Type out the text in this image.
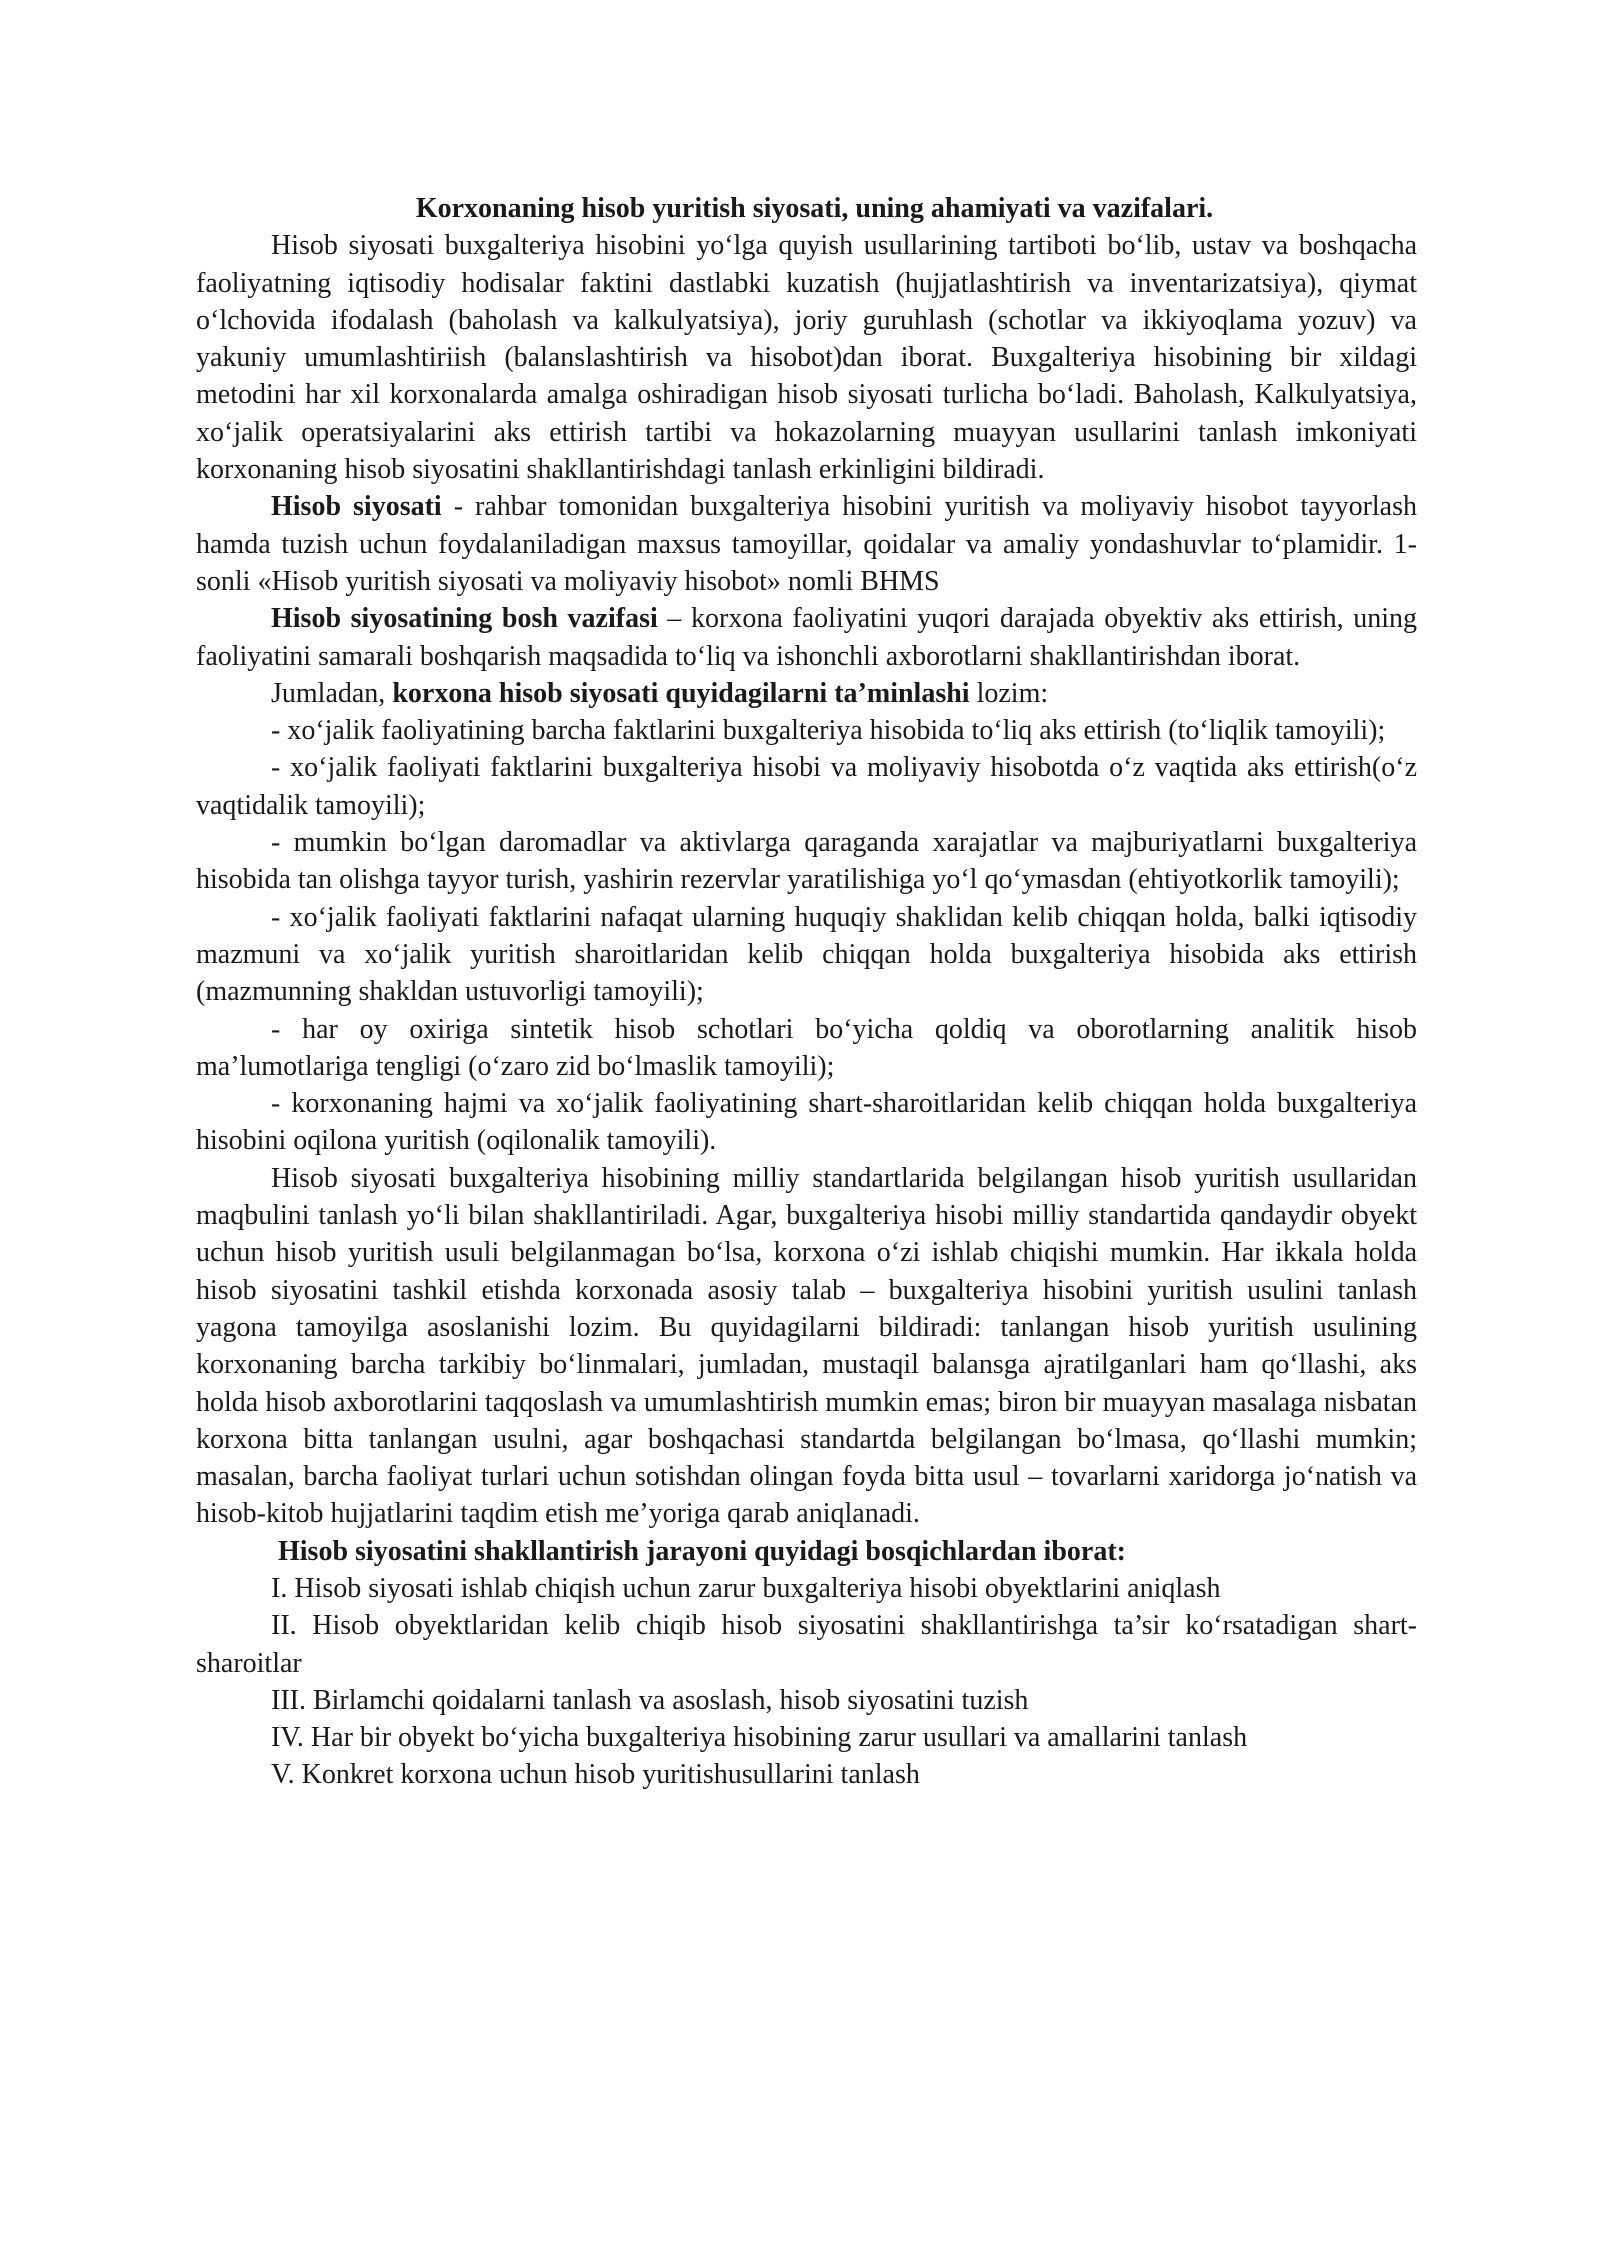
Korxonaning hisob yuritish siyosati, uning ahamiyati va vazifalari.

Hisob siyosati buxgalteriya hisobini yo‘lga quyish usullarining tartiboti bo‘lib, ustav va boshqacha faoliyatning iqtisodiy hodisalar faktini dastlabki kuzatish (hujjatlashtirish va inventarizatsiya), qiymat o‘lchovida ifodalash (baholash va kalkulyatsiya), joriy guruhlash (schotlar va ikkiyoqlama yozuv) va yakuniy umumlashtiriish (balanslashtirish va hisobot)dan iborat. Buxgalteriya hisobining bir xildagi metodini har xil korxonalarda amalga oshiradigan hisob siyosati turlicha bo‘ladi. Baholash, Kalkulyatsiya, xo‘jalik operatsiyalarini aks ettirish tartibi va hokazolarning muayyan usullarini tanlash imkoniyati korxonaning hisob siyosatini shakllantirishdagi tanlash erkinligini bildiradi.

Hisob siyosati - rahbar tomonidan buxgalteriya hisobini yuritish va moliyaviy hisobot tayyorlash hamda tuzish uchun foydalaniladigan maxsus tamoyillar, qoidalar va amaliy yondashuvlar to‘plamidir. 1-sonli «Hisob yuritish siyosati va moliyaviy hisobot» nomli BHMS

Hisob siyosatining bosh vazifasi – korxona faoliyatini yuqori darajada obyektiv aks ettirish, uning faoliyatini samarali boshqarish maqsadida to‘liq va ishonchli axborotlarni shakllantirishdan iborat.

Jumladan, korxona hisob siyosati quyidagilarni ta’minlashi lozim:

- xo‘jalik faoliyatining barcha faktlarini buxgalteriya hisobida to‘liq aks ettirish (to‘liqlik tamoyili);

- xo‘jalik faoliyati faktlarini buxgalteriya hisobi va moliyaviy hisobotda o‘z vaqtida aks ettirish(o‘z vaqtidalik tamoyili);

- mumkin bo‘lgan daromadlar va aktivlarga qaraganda xarajatlar va majburiyatlarni buxgalteriya hisobida tan olishga tayyor turish, yashirin rezervlar yaratilishiga yo‘l qo‘ymasdan (ehtiyotkorlik tamoyili);

- xo‘jalik faoliyati faktlarini nafaqat ularning huquqiy shaklidan kelib chiqqan holda, balki iqtisodiy mazmuni va xo‘jalik yuritish sharoitlaridan kelib chiqqan holda buxgalteriya hisobida aks ettirish (mazmunning shakldan ustuvorligi tamoyili);

- har oy oxiriga sintetik hisob schotlari bo‘yicha qoldiq va oborotlarning analitik hisob ma’lumotlariga tengligi (o‘zaro zid bo‘lmaslik tamoyili);

- korxonaning hajmi va xo‘jalik faoliyatining shart-sharoitlaridan kelib chiqqan holda buxgalteriya hisobini oqilona yuritish (oqilonalik tamoyili).

Hisob siyosati buxgalteriya hisobining milliy standartlarida belgilangan hisob yuritish usullaridan maqbulini tanlash yo‘li bilan shakllantiriladi. Agar, buxgalteriya hisobi milliy standartida qandaydir obyekt uchun hisob yuritish usuli belgilanmagan bo‘lsa, korxona o‘zi ishlab chiqishi mumkin. Har ikkala holda hisob siyosatini tashkil etishda korxonada asosiy talab – buxgalteriya hisobini yuritish usulini tanlash yagona tamoyilga asoslanishi lozim. Bu quyidagilarni bildiradi: tanlangan hisob yuritish usulining korxonaning barcha tarkibiy bo‘linmalari, jumladan, mustaqil balansga ajratilganlari ham qo‘llashi, aks holda hisob axborotlarini taqqoslash va umumlashtirish mumkin emas; biron bir muayyan masalaga nisbatan korxona bitta tanlangan usulni, agar boshqachasi standartda belgilangan bo‘lmasa, qo‘llashi mumkin; masalan, barcha faoliyat turlari uchun sotishdan olingan foyda bitta usul – tovarlarni xaridorga jo‘natish va hisob-kitob hujjatlarini taqdim etish me’yoriga qarab aniqlanadi.

Hisob siyosatini shakllantirish jarayoni quyidagi bosqichlardan iborat:

I. Hisob siyosati ishlab chiqish uchun zarur buxgalteriya hisobi obyektlarini aniqlash

II. Hisob obyektlaridan kelib chiqib hisob siyosatini shakllantirishga ta’sir ko‘rsatadigan shart-sharoitlar

III. Birlamchi qoidalarni tanlash va asoslash, hisob siyosatini tuzish

IV. Har bir obyekt bo‘yicha buxgalteriya hisobining zarur usullari va amallarini tanlash

V. Konkret korxona uchun hisob yuritishusullarini tanlash
